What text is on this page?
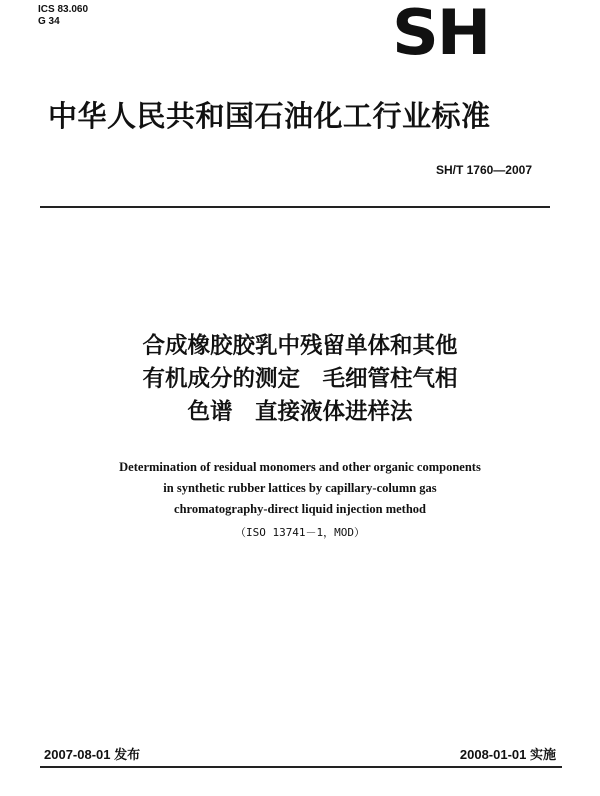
ICS 83.060
G 34	SH
中华人民共和国石油化工行业标准
SH/T 1760—2007
合成橡胶胶乳中残留单体和其他
有机成分的测定　毛细管柱气相
色谱　直接液体进样法
Determination of residual monomers and other organic components
in synthetic rubber lattices by capillary-column gas
chromatography-direct liquid injection method
（ISO 13741－1，MOD）
2007-08-01 发布	2008-01-01 实施
